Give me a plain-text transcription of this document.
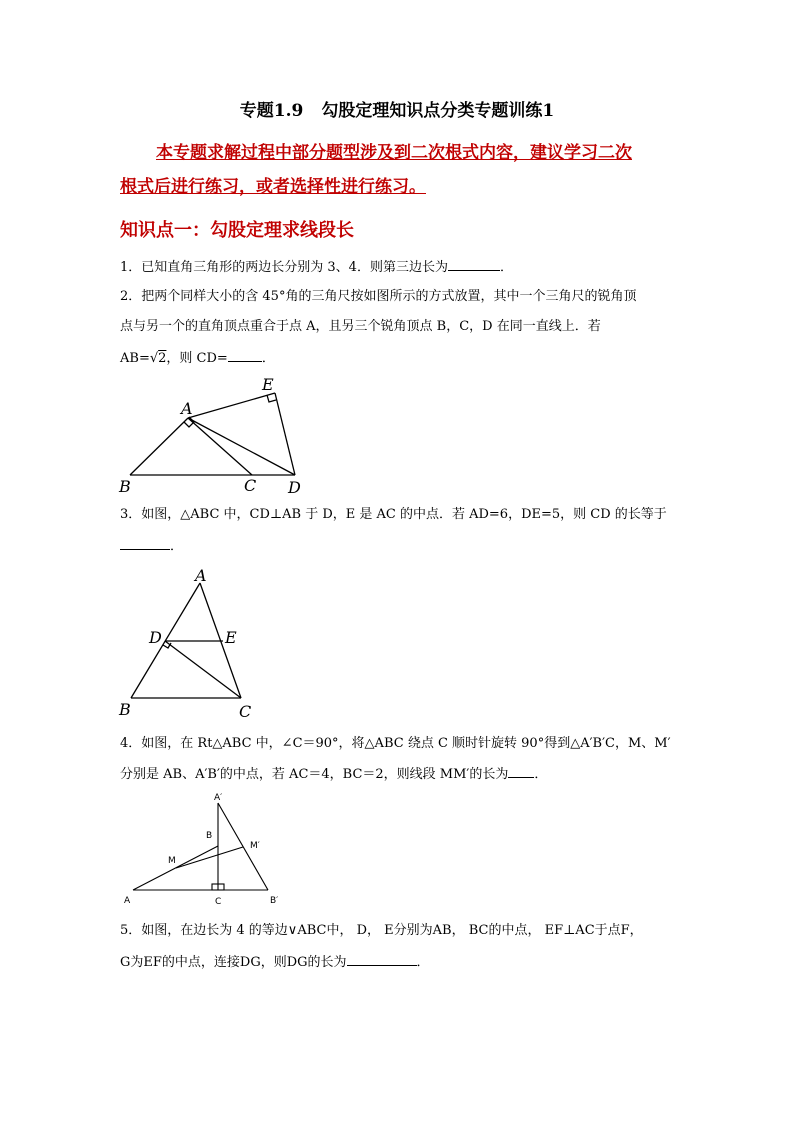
专题1.9 勾股定理知识点分类专题训练1
本专题求解过程中部分题型涉及到二次根式内容，建议学习二次
根式后进行练习，或者选择性进行练习。
知识点一：勾股定理求线段长
1．已知直角三角形的两边长分别为 3、4．则第三边长为	．
2．把两个同样大小的含 45°角的三角尺按如图所示的方式放置，其中一个三角尺的锐角顶
点与另一个的直角顶点重合于点 A，且另三个锐角顶点 B，C，D 在同一直线上．若
AB=√2，则 CD=	．
A
E
B	C D
3．如图，△ABC 中，CD⊥AB 于 D，E 是 AC 的中点．若 AD=6，DE=5，则 CD 的长等于
．
A
D	E
B	C
4．如图，在 Rt△ABC 中，∠C＝90°，将△ABC 绕点 C 顺时针旋转 90°得到△A′B′C，M、M′
分别是 AB、A′B′的中点，若 AC＝4，BC＝2，则线段 MM′的长为 ．
A′
B
M
M′
A	C	B′
5．如图，在边长为 4 的等边∨ABC中， D， E分别为AB， BC的中点， EF⊥AC于点F，
G为EF的中点，连接DG，则DG的长为	．
